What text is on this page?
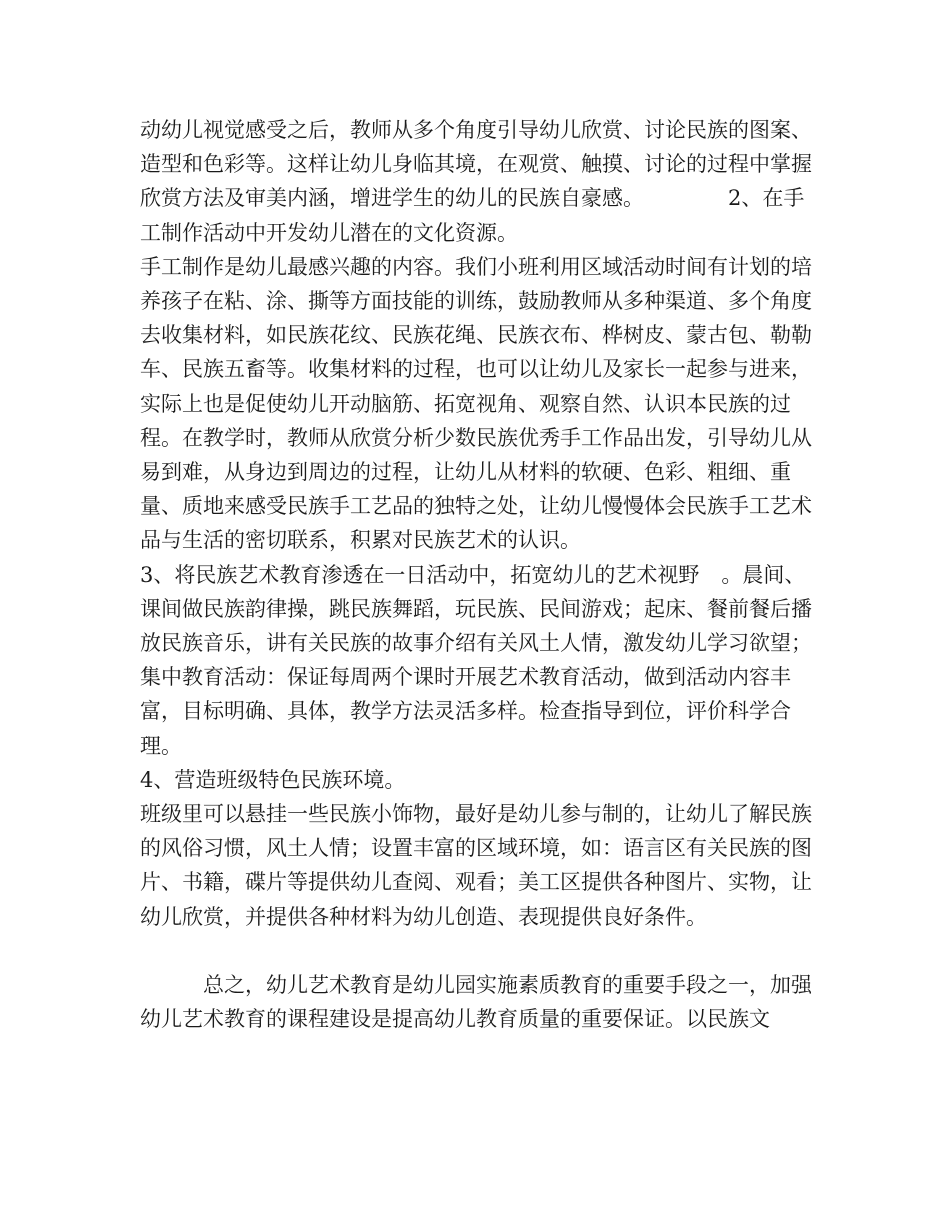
动幼儿视觉感受之后，教师从多个角度引导幼儿欣赏、讨论民族的图案、造型和色彩等。这样让幼儿身临其境，在观赏、触摸、讨论的过程中掌握欣赏方法及审美内涵，增进学生的幼儿的民族自豪感。	2、在手工制作活动中开发幼儿潜在的文化资源。

手工制作是幼儿最感兴趣的内容。我们小班利用区域活动时间有计划的培养孩子在粘、涂、撕等方面技能的训练，鼓励教师从多种渠道、多个角度去收集材料，如民族花纹、民族花绳、民族衣布、桦树皮、蒙古包、勒勒车、民族五畜等。收集材料的过程，也可以让幼儿及家长一起参与进来，实际上也是促使幼儿开动脑筋、拓宽视角、观察自然、认识本民族的过程。在教学时，教师从欣赏分析少数民族优秀手工作品出发，引导幼儿从易到难，从身边到周边的过程，让幼儿从材料的软硬、色彩、粗细、重量、质地来感受民族手工艺品的独特之处，让幼儿慢慢体会民族手工艺术品与生活的密切联系，积累对民族艺术的认识。

3、将民族艺术教育渗透在一日活动中，拓宽幼儿的艺术视野 。晨间、课间做民族韵律操，跳民族舞蹈，玩民族、民间游戏；起床、餐前餐后播放民族音乐，讲有关民族的故事介绍有关风土人情，激发幼儿学习欲望；集中教育活动：保证每周两个课时开展艺术教育活动，做到活动内容丰富，目标明确、具体，教学方法灵活多样。检查指导到位，评价科学合理。

4、营造班级特色民族环境。

班级里可以悬挂一些民族小饰物，最好是幼儿参与制的，让幼儿了解民族的风俗习惯，风土人情；设置丰富的区域环境，如：语言区有关民族的图片、书籍，碟片等提供幼儿查阅、观看；美工区提供各种图片、实物，让幼儿欣赏，并提供各种材料为幼儿创造、表现提供良好条件。

总之，幼儿艺术教育是幼儿园实施素质教育的重要手段之一，加强幼儿艺术教育的课程建设是提高幼儿教育质量的重要保证。以民族文
